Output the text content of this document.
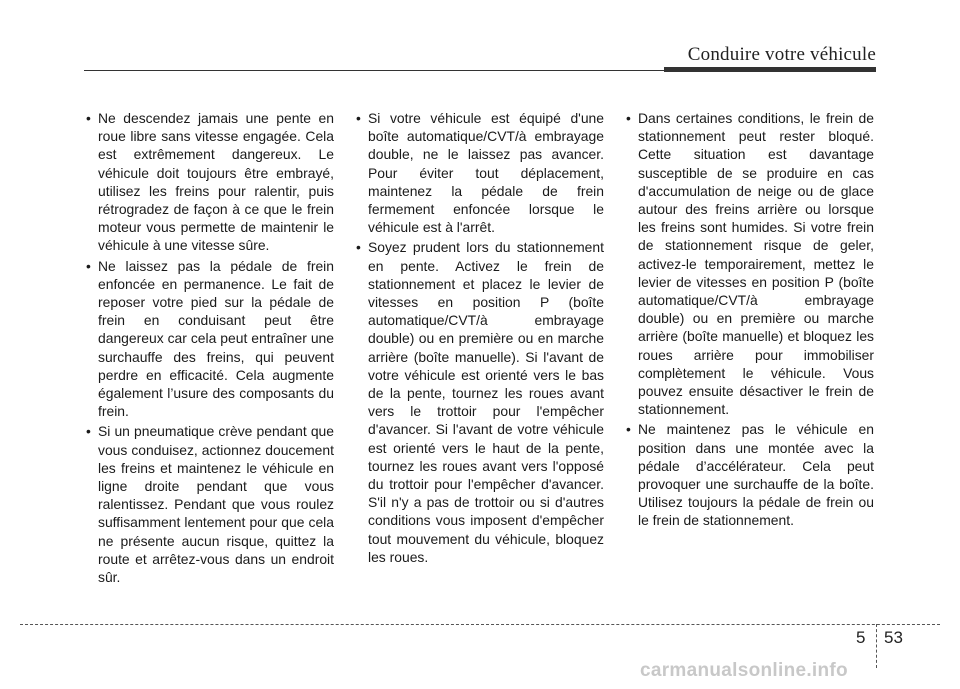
Conduire votre véhicule
• Ne descendez jamais une pente en roue libre sans vitesse engagée. Cela est extrêmement dangereux. Le véhicule doit toujours être embrayé, utilisez les freins pour ralentir, puis rétrogradez de façon à ce que le frein moteur vous permette de maintenir le véhicule à une vitesse sûre.
• Ne laissez pas la pédale de frein enfoncée en permanence. Le fait de reposer votre pied sur la pédale de frein en conduisant peut être dangereux car cela peut entraîner une surchauffe des freins, qui peuvent perdre en efficacité. Cela augmente également l’usure des composants du frein.
• Si un pneumatique crève pendant que vous conduisez, actionnez doucement les freins et maintenez le véhicule en ligne droite pendant que vous ralentissez. Pendant que vous roulez suffisamment lentement pour que cela ne présente aucun risque, quittez la route et arrêtez-vous dans un endroit sûr.
• Si votre véhicule est équipé d'une boîte automatique/CVT/à embrayage double, ne le laissez pas avancer. Pour éviter tout déplacement, maintenez la pédale de frein fermement enfoncée lorsque le véhicule est à l'arrêt.
• Soyez prudent lors du stationnement en pente. Activez le frein de stationnement et placez le levier de vitesses en position P (boîte automatique/CVT/à embrayage double) ou en première ou en marche arrière (boîte manuelle). Si l'avant de votre véhicule est orienté vers le bas de la pente, tournez les roues avant vers le trottoir pour l'empêcher d'avancer. Si l'avant de votre véhicule est orienté vers le haut de la pente, tournez les roues avant vers l'opposé du trottoir pour l'empêcher d'avancer. S'il n'y a pas de trottoir ou si d'autres conditions vous imposent d'empêcher tout mouvement du véhicule, bloquez les roues.
• Dans certaines conditions, le frein de stationnement peut rester bloqué. Cette situation est davantage susceptible de se produire en cas d'accumulation de neige ou de glace autour des freins arrière ou lorsque les freins sont humides. Si votre frein de stationnement risque de geler, activez-le temporairement, mettez le levier de vitesses en position P (boîte automatique/CVT/à embrayage double) ou en première ou marche arrière (boîte manuelle) et bloquez les roues arrière pour immobiliser complètement le véhicule. Vous pouvez ensuite désactiver le frein de stationnement.
• Ne maintenez pas le véhicule en position dans une montée avec la pédale d’accélérateur. Cela peut provoquer une surchauffe de la boîte. Utilisez toujours la pédale de frein ou le frein de stationnement.
5 53
carmanualsonline.info
